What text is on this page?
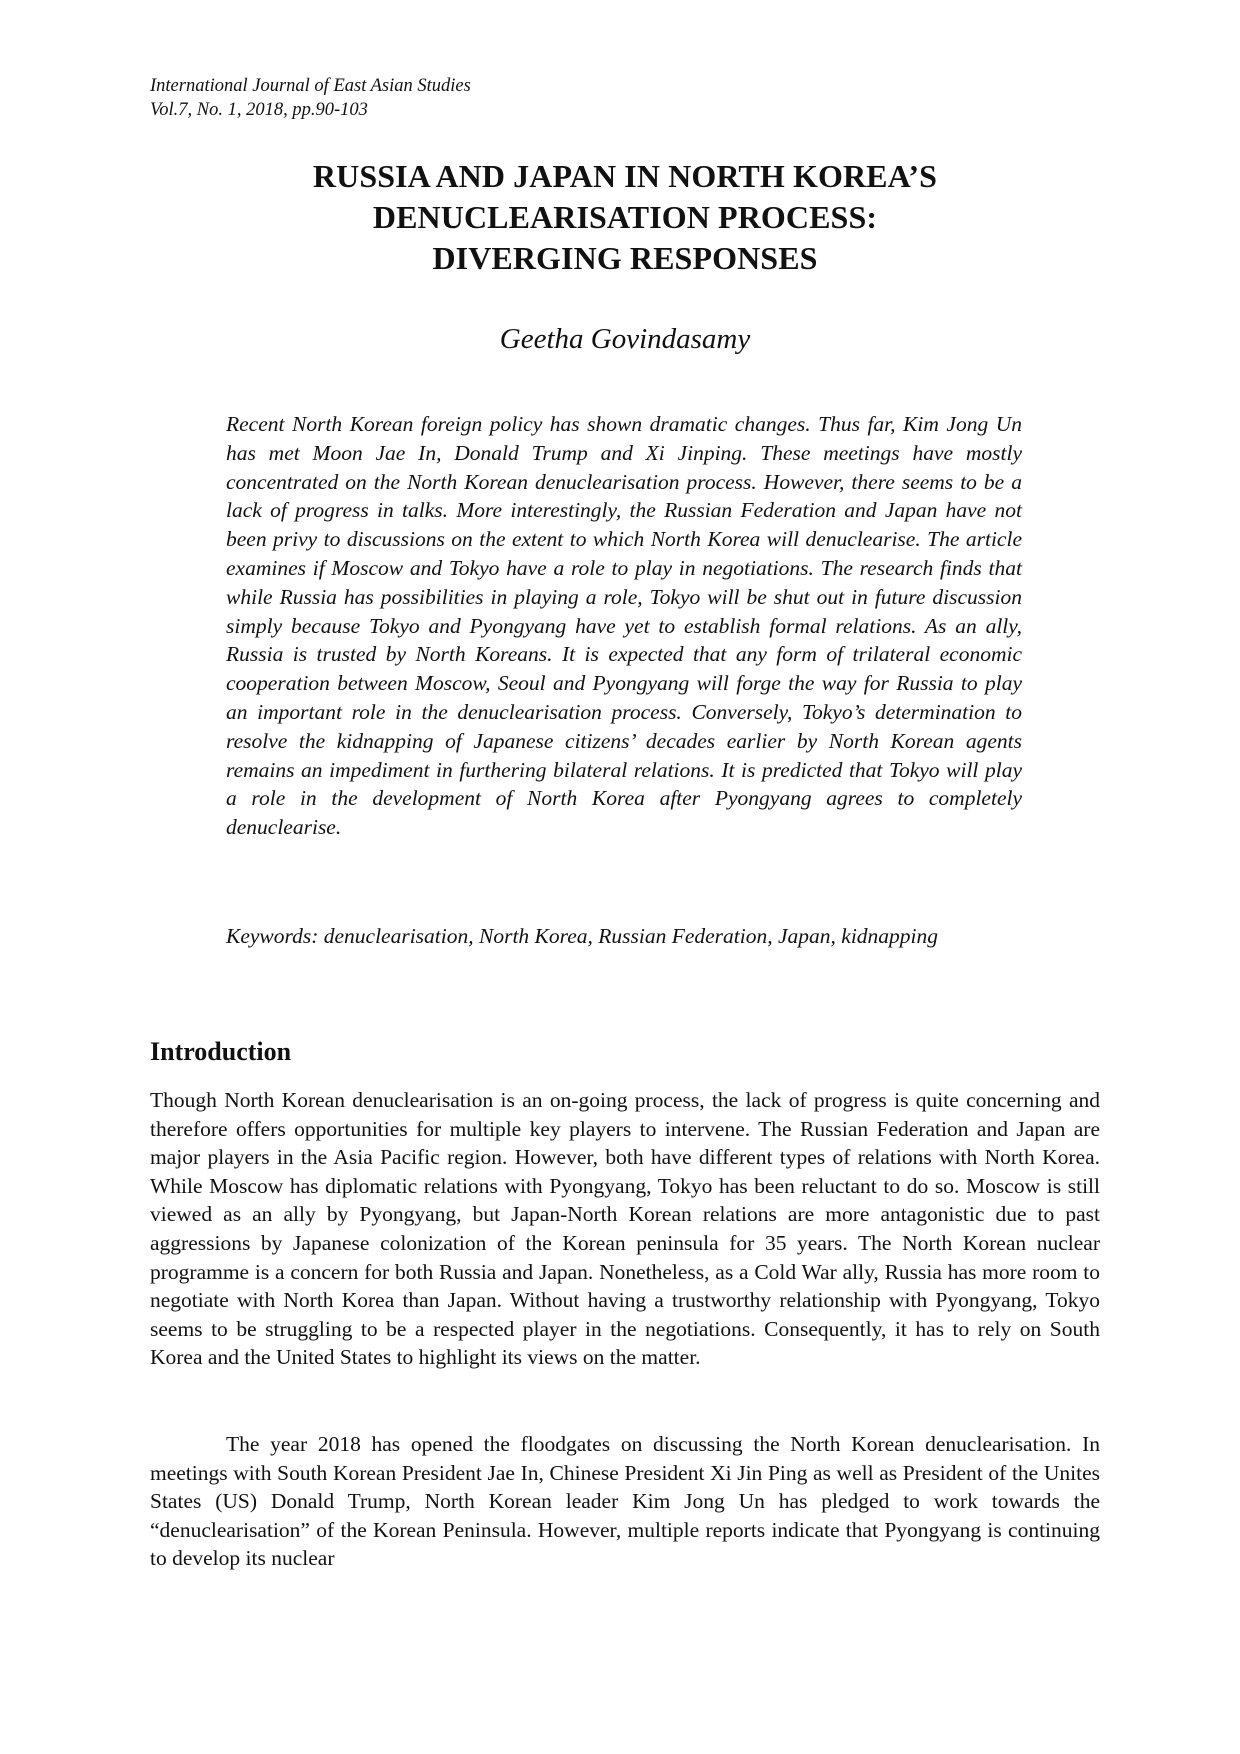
International Journal of East Asian Studies
Vol.7, No. 1, 2018, pp.90-103
RUSSIA AND JAPAN IN NORTH KOREA’S
DENUCLEARISATION PROCESS:
DIVERGING RESPONSES
Geetha Govindasamy

Recent North Korean foreign policy has shown dramatic changes. Thus far, Kim Jong Un has met Moon Jae In, Donald Trump and Xi Jinping. These meetings have mostly concentrated on the North Korean denuclearisation process. However, there seems to be a lack of progress in talks. More interestingly, the Russian Federation and Japan have not been privy to discussions on the extent to which North Korea will denuclearise. The article examines if Moscow and Tokyo have a role to play in negotiations. The research finds that while Russia has possibilities in playing a role, Tokyo will be shut out in future discussion simply because Tokyo and Pyongyang have yet to establish formal relations. As an ally, Russia is trusted by North Koreans. It is expected that any form of trilateral economic cooperation between Moscow, Seoul and Pyongyang will forge the way for Russia to play an important role in the denuclearisation process. Conversely, Tokyo’s determination to resolve the kidnapping of Japanese citizens’ decades earlier by North Korean agents remains an impediment in furthering bilateral relations. It is predicted that Tokyo will play a role in the development of North Korea after Pyongyang agrees to completely denuclearise.

Keywords: denuclearisation, North Korea, Russian Federation, Japan, kidnapping

Introduction

Though North Korean denuclearisation is an on-going process, the lack of progress is quite concerning and therefore offers opportunities for multiple key players to intervene. The Russian Federation and Japan are major players in the Asia Pacific region. However, both have different types of relations with North Korea. While Moscow has diplomatic relations with Pyongyang, Tokyo has been reluctant to do so. Moscow is still viewed as an ally by Pyongyang, but Japan-North Korean relations are more antagonistic due to past aggressions by Japanese colonization of the Korean peninsula for 35 years. The North Korean nuclear programme is a concern for both Russia and Japan. Nonetheless, as a Cold War ally, Russia has more room to negotiate with North Korea than Japan. Without having a trustworthy relationship with Pyongyang, Tokyo seems to be struggling to be a respected player in the negotiations. Consequently, it has to rely on South Korea and the United States to highlight its views on the matter.

The year 2018 has opened the floodgates on discussing the North Korean denuclearisation. In meetings with South Korean President Jae In, Chinese President Xi Jin Ping as well as President of the Unites States (US) Donald Trump, North Korean leader Kim Jong Un has pledged to work towards the “denuclearisation” of the Korean Peninsula. However, multiple reports indicate that Pyongyang is continuing to develop its nuclear
